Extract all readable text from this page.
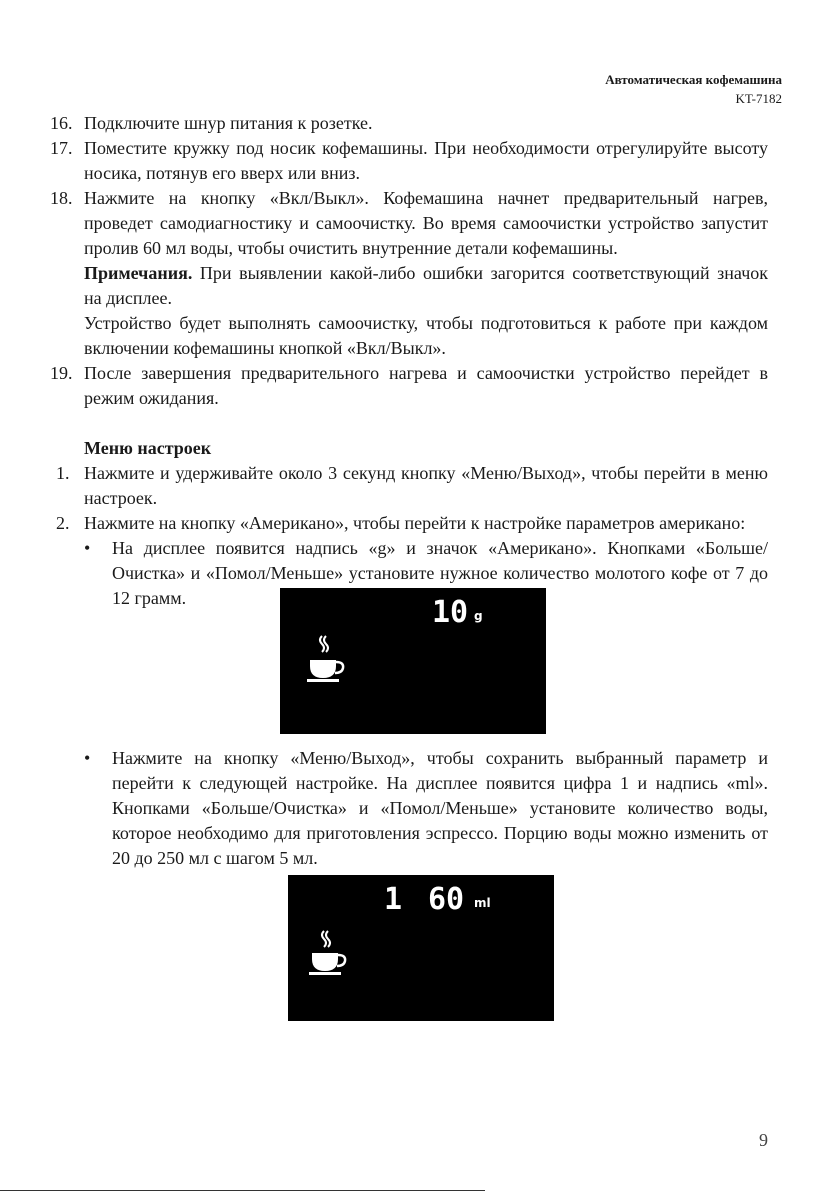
Автоматическая кофемашина
KT-7182
16. Подключите шнур питания к розетке.
17. Поместите кружку под носик кофемашины. При необходимости отрегулируйте высоту носика, потянув его вверх или вниз.
18. Нажмите на кнопку «Вкл/Выкл». Кофемашина начнет предварительный нагрев, проведет самодиагностику и самоочистку. Во время самоочистки устройство запустит пролив 60 мл воды, чтобы очистить внутренние детали кофемашины.
Примечания. При выявлении какой-либо ошибки загорится соответствующий значок на дисплее.
Устройство будет выполнять самоочистку, чтобы подготовиться к работе при каждом включении кофемашины кнопкой «Вкл/Выкл».
19. После завершения предварительного нагрева и самоочистки устройство перейдет в режим ожидания.
Меню настроек
1. Нажмите и удерживайте около 3 секунд кнопку «Меню/Выход», чтобы перейти в меню настроек.
2. Нажмите на кнопку «Американо», чтобы перейти к настройке параметров американо:
• На дисплее появится надпись «g» и значок «Американо». Кнопками «Больше/Очистка» и «Помол/Меньше» установите нужное количество молотого кофе от 7 до 12 грамм.	10 g
• Нажмите на кнопку «Меню/Выход», чтобы сохранить выбранный параметр и перейти к следующей настройке. На дисплее появится цифра 1 и надпись «ml». Кнопками «Больше/Очистка» и «Помол/Меньше» установите количество воды, которое необходимо для приготовления эспрессо. Порцию воды можно изменить от 20 до 250 мл с шагом 5 мл.
1 60 ml
9
